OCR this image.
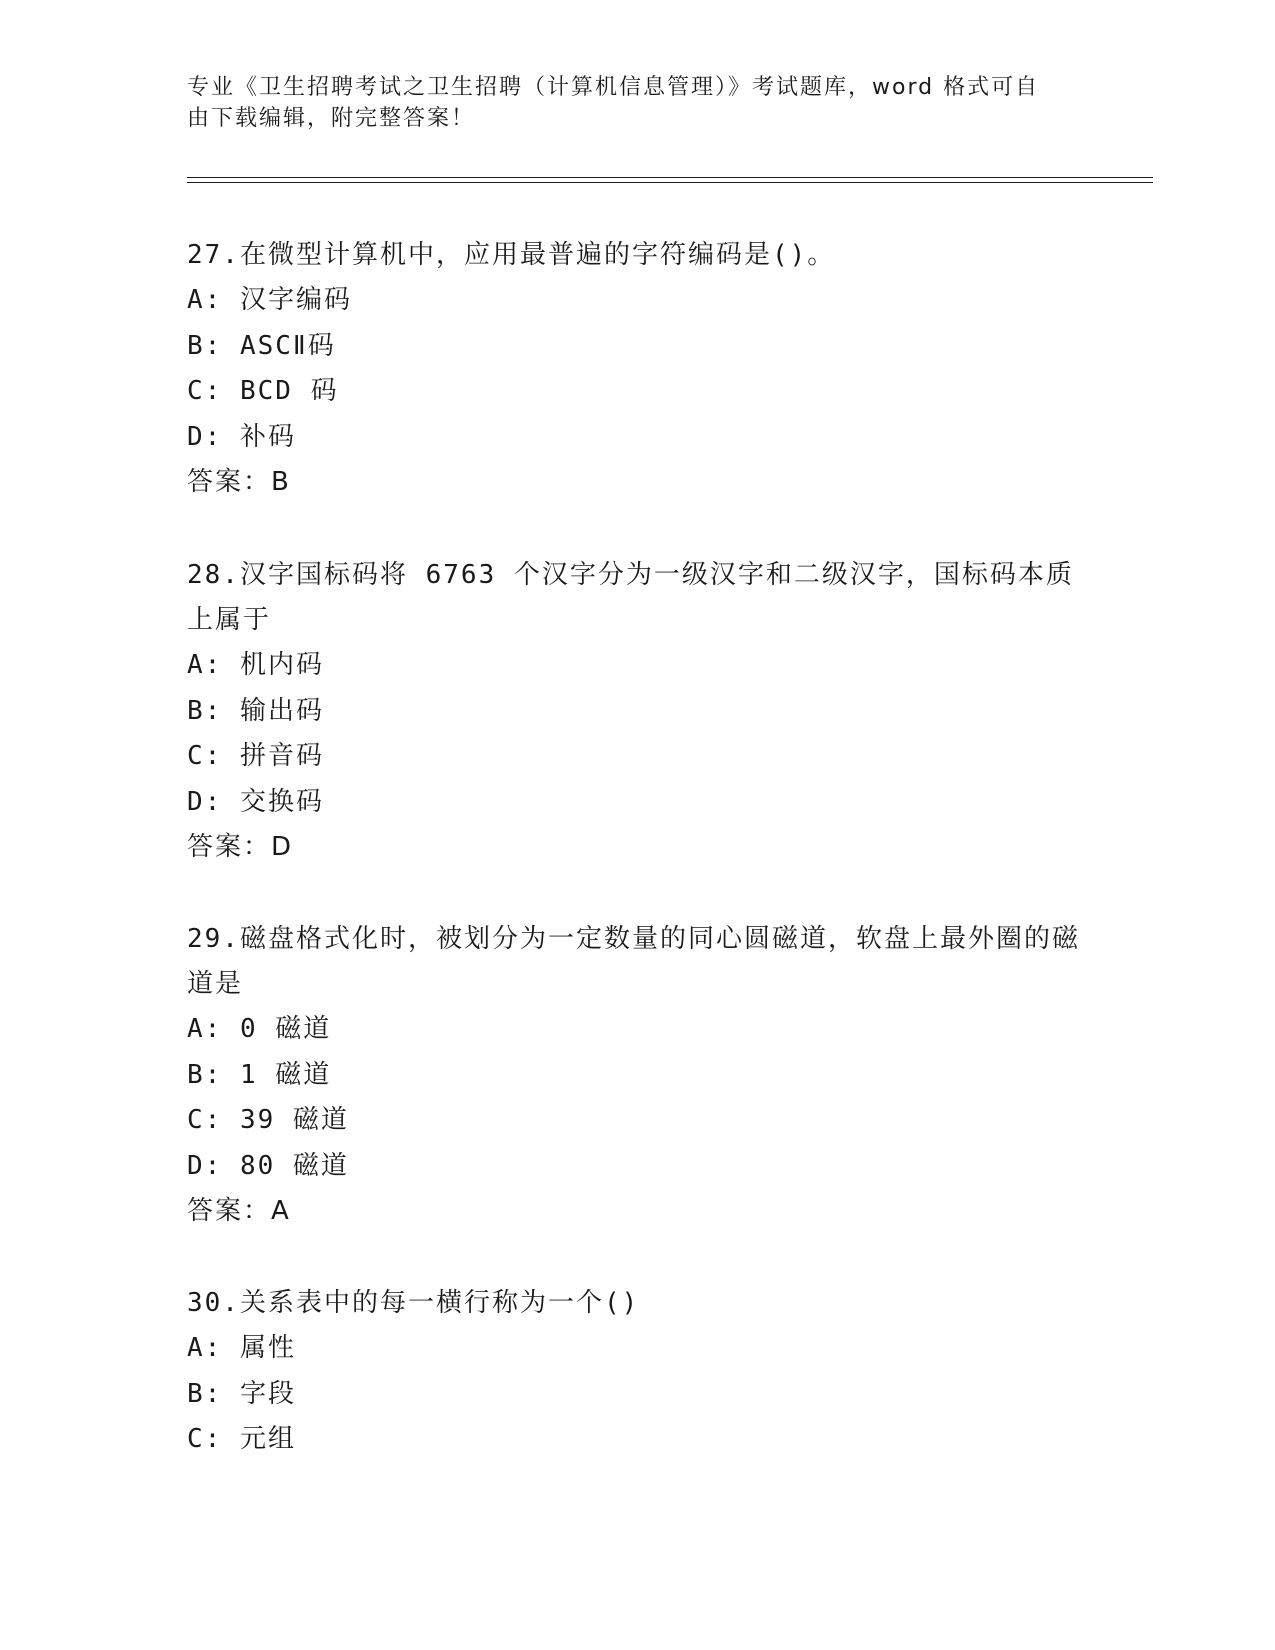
专业《卫生招聘考试之卫生招聘（计算机信息管理）》考试题库，word 格式可自
由下载编辑，附完整答案！

27.在微型计算机中，应用最普遍的字符编码是()。

A: 汉字编码
B: ASCⅡ码
C: BCD 码
D: 补码
答案：B

28.汉字国标码将 6763 个汉字分为一级汉字和二级汉字，国标码本质上属于

A: 机内码
B: 输出码
C: 拼音码
D: 交换码
答案：D

29.磁盘格式化时，被划分为一定数量的同心圆磁道，软盘上最外圈的磁道是

A: 0 磁道
B: 1 磁道
C: 39 磁道
D: 80 磁道
答案：A

30.关系表中的每一横行称为一个()

A: 属性
B: 字段
C: 元组
